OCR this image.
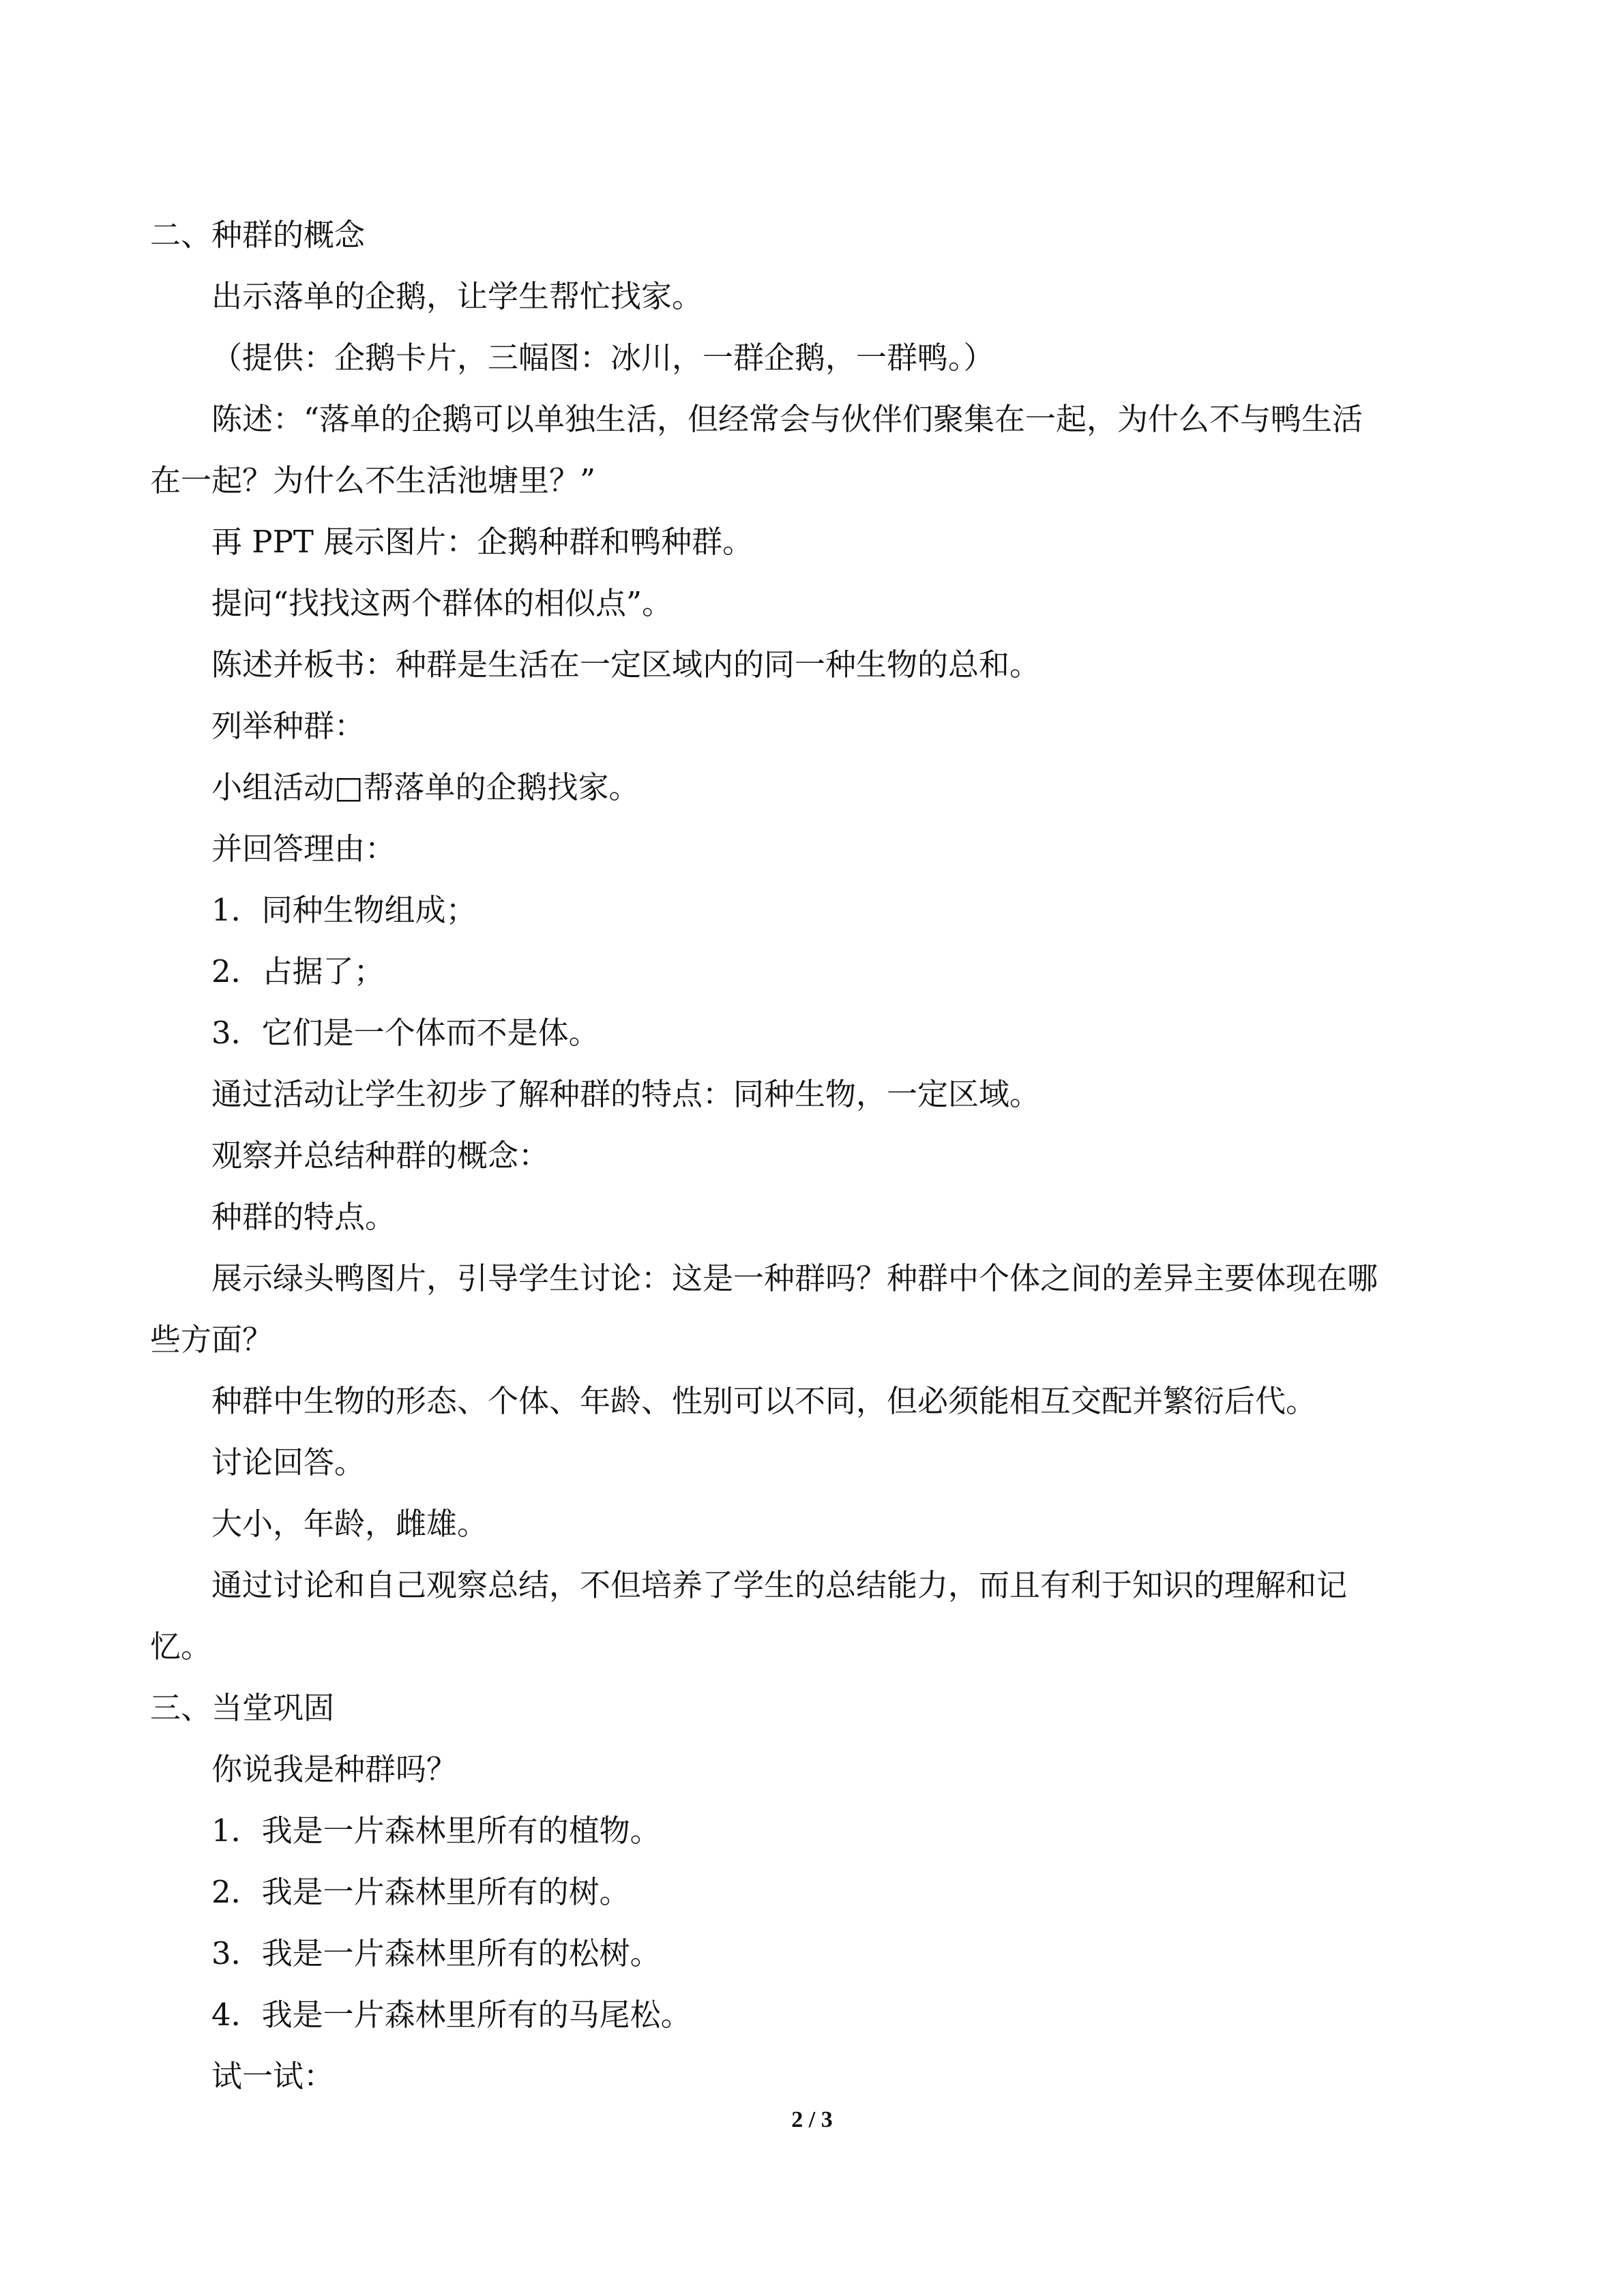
二、种群的概念
出示落单的企鹅，让学生帮忙找家。
（提供：企鹅卡片，三幅图：冰川，一群企鹅，一群鸭。）
陈述：“落单的企鹅可以单独生活，但经常会与伙伴们聚集在一起，为什么不与鸭生活
在一起？为什么不生活池塘里？”
再 PPT 展示图片：企鹅种群和鸭种群。
提问“找找这两个群体的相似点”。
陈述并板书：种群是生活在一定区域内的同一种生物的总和。
列举种群：
小组活动□帮落单的企鹅找家。
并回答理由：
1．同种生物组成；
2．占据了；
3．它们是一个体而不是体。
通过活动让学生初步了解种群的特点：同种生物，一定区域。
观察并总结种群的概念：
种群的特点。
展示绿头鸭图片，引导学生讨论：这是一种群吗？种群中个体之间的差异主要体现在哪
些方面？
种群中生物的形态、个体、年龄、性别可以不同，但必须能相互交配并繁衍后代。
讨论回答。
大小，年龄，雌雄。
通过讨论和自己观察总结，不但培养了学生的总结能力，而且有利于知识的理解和记
忆。
三、当堂巩固
你说我是种群吗？
1．我是一片森林里所有的植物。
2．我是一片森林里所有的树。
3．我是一片森林里所有的松树。
4．我是一片森林里所有的马尾松。
试一试：
2 / 3
